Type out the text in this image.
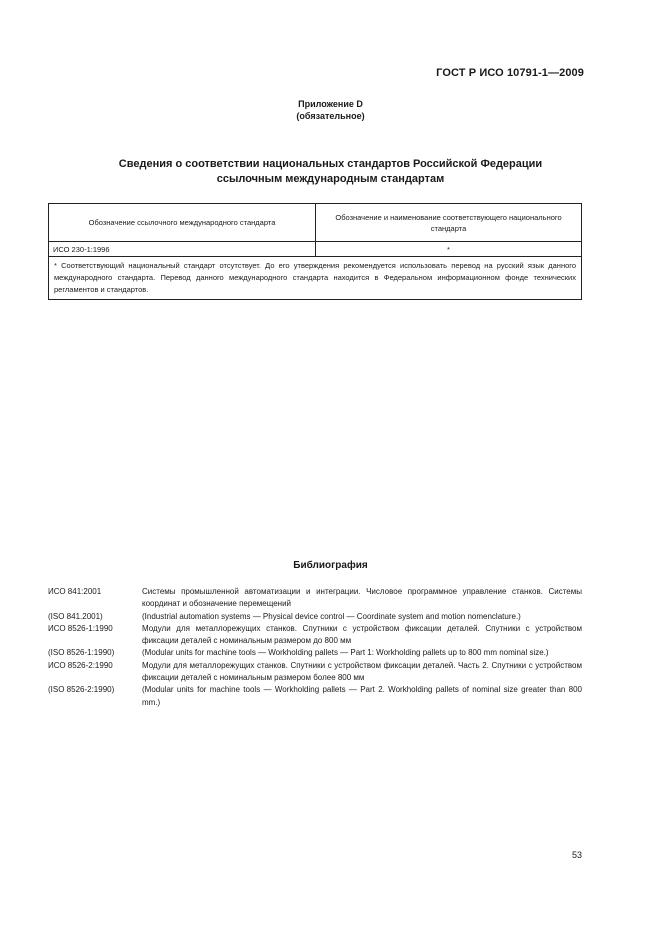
ГОСТ Р ИСО 10791-1—2009
Приложение D
(обязательное)
Сведения о соответствии национальных стандартов Российской Федерации
ссылочным международным стандартам
Обозначение ссылочного международного стандарта	Обозначение и наименование соответствующего национального стандарта
ИСО 230-1:1996	*
* Соответствующий национальный стандарт отсутствует. До его утверждения рекомендуется использовать перевод на русский язык данного международного стандарта. Перевод данного международного стандарта находится в Федеральном информационном фонде технических регламентов и стандартов.	
Библиография
ИСО 841:2001	Системы промышленной автоматизации и интеграции. Числовое программное управление станков. Системы координат и обозначение перемещений
(ISO 841.2001)	(Industrial automation systems — Physical device control — Coordinate system and motion nomenclature.)
ИСО 8526-1:1990	Модули для металлорежущих станков. Спутники с устройством фиксации деталей. Спутники с устройством фиксации деталей с номинальным размером до 800 мм
(ISO 8526-1:1990)	(Modular units for machine tools — Workholding pallets — Part 1: Workholding pallets up to 800 mm nominal size.)
ИСО 8526-2:1990	Модули для металлорежущих станков. Спутники с устройством фиксации деталей. Часть 2. Спутники с устройством фиксации деталей с номинальным размером более 800 мм
(ISO 8526-2:1990)	(Modular units for machine tools — Workholding pallets — Part 2. Workholding pallets of nominal size greater than 800 mm.)
53
